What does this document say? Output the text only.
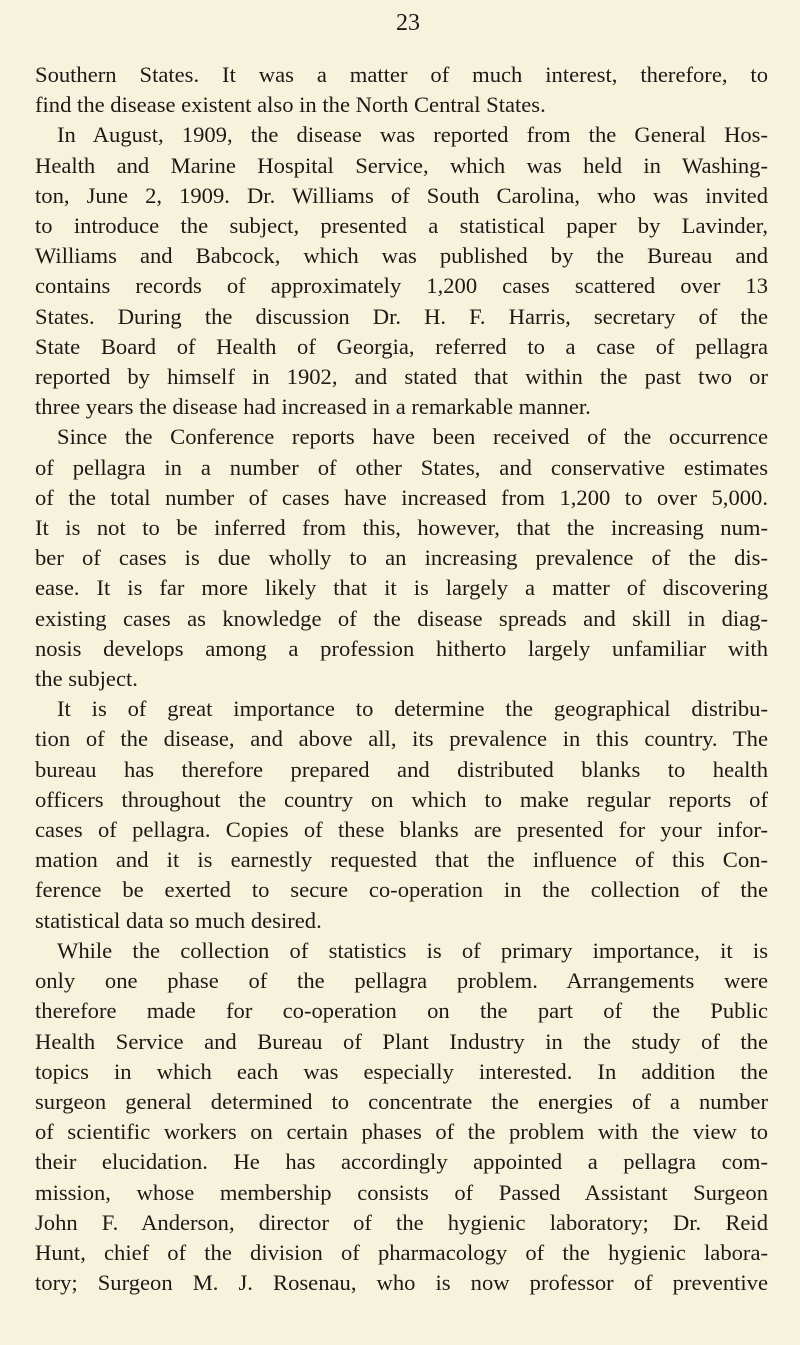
23
Southern States. It was a matter of much interest, therefore, to
find the disease existent also in the North Central States.
In August, 1909, the disease was reported from the General Hos-
Health and Marine Hospital Service, which was held in Washing-
ton, June 2, 1909. Dr. Williams of South Carolina, who was invited
to introduce the subject, presented a statistical paper by Lavinder,
Williams and Babcock, which was published by the Bureau and
contains records of approximately 1,200 cases scattered over 13
States. During the discussion Dr. H. F. Harris, secretary of the
State Board of Health of Georgia, referred to a case of pellagra
reported by himself in 1902, and stated that within the past two or
three years the disease had increased in a remarkable manner.
Since the Conference reports have been received of the occurrence
of pellagra in a number of other States, and conservative estimates
of the total number of cases have increased from 1,200 to over 5,000.
It is not to be inferred from this, however, that the increasing num-
ber of cases is due wholly to an increasing prevalence of the dis-
ease. It is far more likely that it is largely a matter of discovering
existing cases as knowledge of the disease spreads and skill in diag-
nosis develops among a profession hitherto largely unfamiliar with
the subject.
It is of great importance to determine the geographical distribu-
tion of the disease, and above all, its prevalence in this country. The
bureau has therefore prepared and distributed blanks to health
officers throughout the country on which to make regular reports of
cases of pellagra. Copies of these blanks are presented for your infor-
mation and it is earnestly requested that the influence of this Con-
ference be exerted to secure co-operation in the collection of the
statistical data so much desired.
While the collection of statistics is of primary importance, it is
only one phase of the pellagra problem. Arrangements were
therefore made for co-operation on the part of the Public
Health Service and Bureau of Plant Industry in the study of the
topics in which each was especially interested. In addition the
surgeon general determined to concentrate the energies of a number
of scientific workers on certain phases of the problem with the view to
their elucidation. He has accordingly appointed a pellagra com-
mission, whose membership consists of Passed Assistant Surgeon
John F. Anderson, director of the hygienic laboratory; Dr. Reid
Hunt, chief of the division of pharmacology of the hygienic labora-
tory; Surgeon M. J. Rosenau, who is now professor of preventive
